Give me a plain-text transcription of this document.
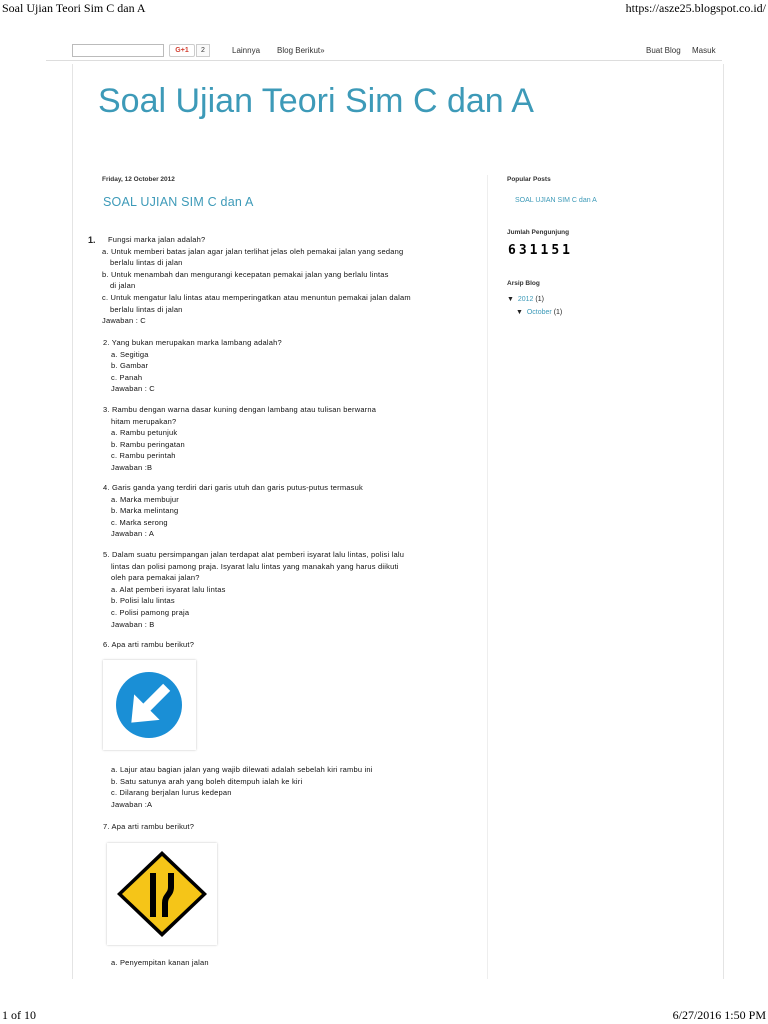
Soal Ujian Teori Sim C dan A	https://asze25.blogspot.co.id/
G+1	2	Lainnya Blog Berikut»	Buat Blog Masuk
Soal Ujian Teori Sim C dan A
Friday, 12 October 2012
SOAL UJIAN SIM C dan A
1.	Fungsi marka jalan adalah?
a. Untuk memberi batas jalan agar jalan terlihat jelas oleh pemakai jalan yang sedang
berlalu lintas di jalan
b. Untuk menambah dan mengurangi kecepatan pemakai jalan yang berlalu lintas
di jalan
c. Untuk mengatur lalu lintas atau memperingatkan atau menuntun pemakai jalan dalam
berlalu lintas di jalan
Jawaban : C
2. Yang bukan merupakan marka lambang adalah?
a. Segitiga
b. Gambar
c. Panah
Jawaban : C
3. Rambu dengan warna dasar kuning dengan lambang atau tulisan berwarna
hitam merupakan?
a. Rambu petunjuk
b. Rambu peringatan
c. Rambu perintah
Jawaban :B
4. Garis ganda yang terdiri dari garis utuh dan garis putus-putus termasuk
a. Marka membujur
b. Marka melintang
c. Marka serong
Jawaban : A
5. Dalam suatu persimpangan jalan terdapat alat pemberi isyarat lalu lintas, polisi lalu
lintas dan polisi pamong praja. Isyarat lalu lintas yang manakah yang harus diikuti
oleh para pemakai jalan?
a. Alat pemberi isyarat lalu lintas
b. Polisi lalu lintas
c. Polisi pamong praja
Jawaban : B
6. Apa arti rambu berikut?
a. Lajur atau bagian jalan yang wajib dilewati adalah sebelah kiri rambu ini
b. Satu satunya arah yang boleh ditempuh ialah ke kiri
c. Dilarang berjalan lurus kedepan
Jawaban :A
7. Apa arti rambu berikut?
a. Penyempitan kanan jalan
Popular Posts
SOAL UJIAN SIM C dan A
Jumlah Pengunjung
6 3 1 1 5 1
Arsip Blog
▼ 2012 (1)
▼ October (1)
1 of 10	6/27/2016 1:50 PM
